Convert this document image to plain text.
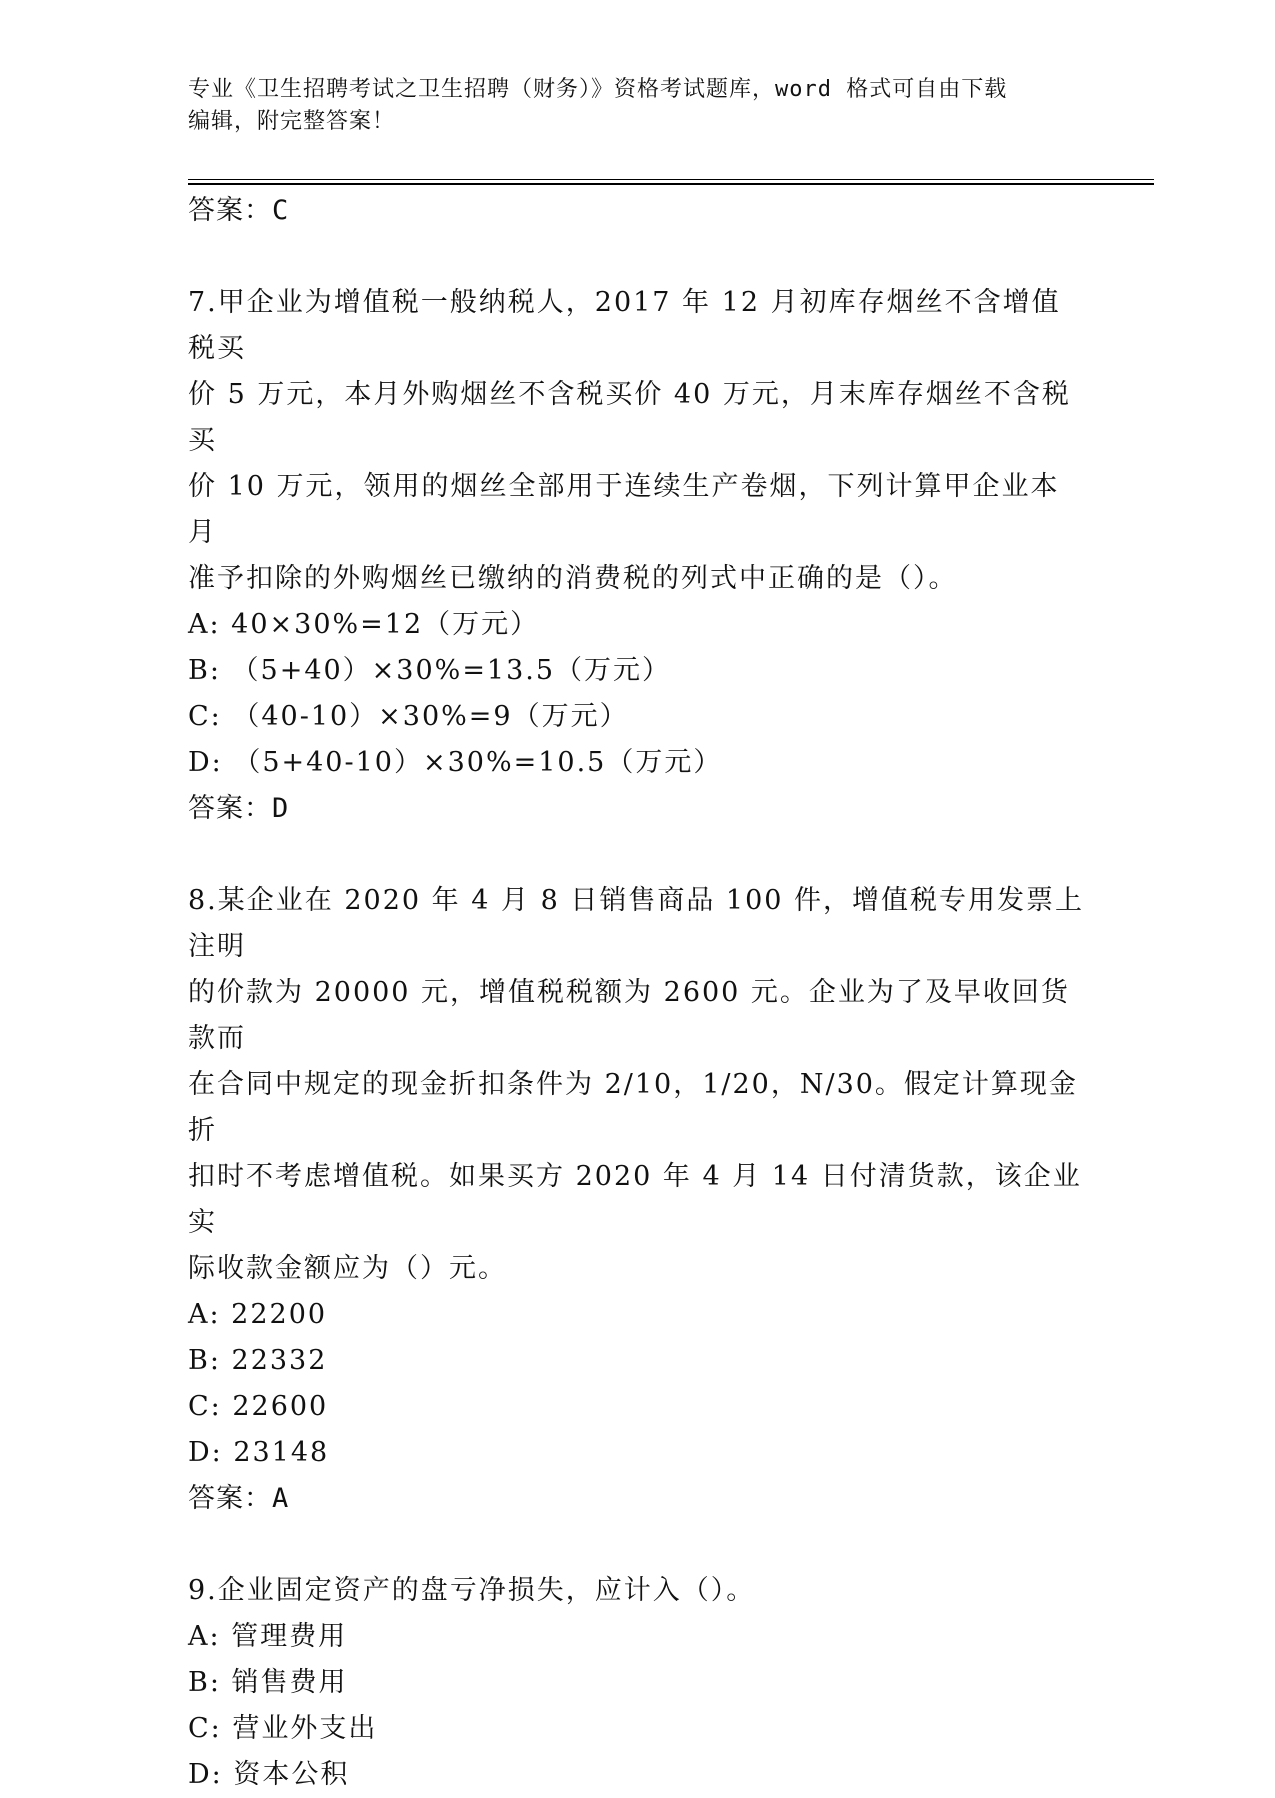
专业《卫生招聘考试之卫生招聘（财务）》资格考试题库，word 格式可自由下载
编辑，附完整答案！
答案：C
7.甲企业为增值税一般纳税人，2017 年 12 月初库存烟丝不含增值税买
价 5 万元，本月外购烟丝不含税买价 40 万元，月末库存烟丝不含税买
价 10 万元，领用的烟丝全部用于连续生产卷烟，下列计算甲企业本月
准予扣除的外购烟丝已缴纳的消费税的列式中正确的是（）。
A: 40×30%=12（万元）
B: （5+40）×30%=13.5（万元）
C: （40-10）×30%=9（万元）
D: （5+40-10）×30%=10.5（万元）
答案：D
8.某企业在 2020 年 4 月 8 日销售商品 100 件，增值税专用发票上注明
的价款为 20000 元，增值税税额为 2600 元。企业为了及早收回货款而
在合同中规定的现金折扣条件为 2/10，1/20，N/30。假定计算现金折
扣时不考虑增值税。如果买方 2020 年 4 月 14 日付清货款，该企业实
际收款金额应为（）元。
A: 22200
B: 22332
C: 22600
D: 23148
答案：A
9.企业固定资产的盘亏净损失，应计入（）。
A: 管理费用
B: 销售费用
C: 营业外支出
D: 资本公积
